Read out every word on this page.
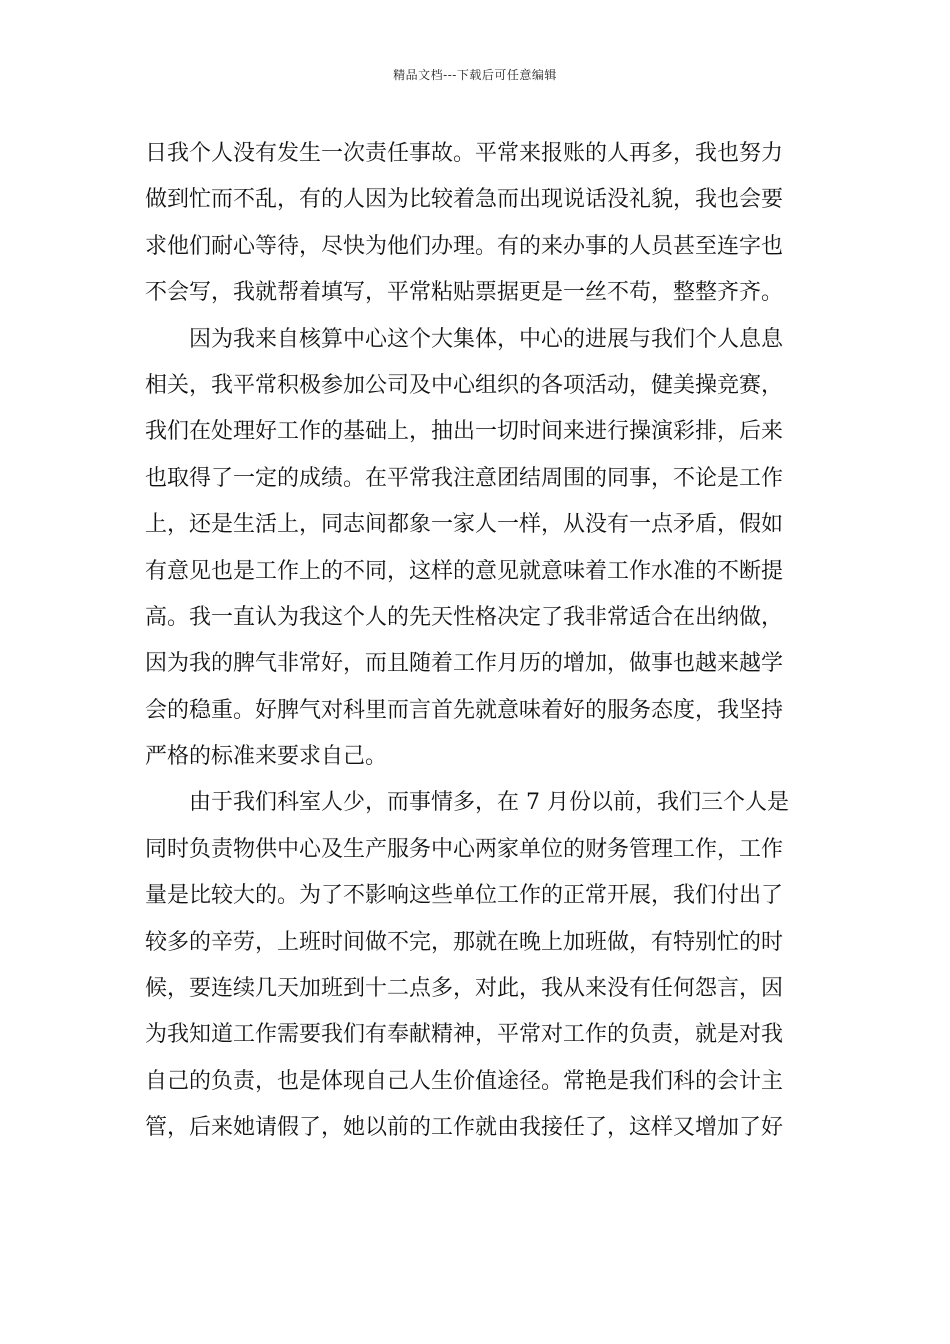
精品文档---下载后可任意编辑
日我个人没有发生一次责任事故。平常来报账的人再多，我也努力
做到忙而不乱，有的人因为比较着急而出现说话没礼貌，我也会要
求他们耐心等待，尽快为他们办理。有的来办事的人员甚至连字也
不会写，我就帮着填写，平常粘贴票据更是一丝不苟，整整齐齐。
因为我来自核算中心这个大集体，中心的进展与我们个人息息
相关，我平常积极参加公司及中心组织的各项活动，健美操竞赛，
我们在处理好工作的基础上，抽出一切时间来进行操演彩排，后来
也取得了一定的成绩。在平常我注意团结周围的同事，不论是工作
上，还是生活上，同志间都象一家人一样，从没有一点矛盾，假如
有意见也是工作上的不同，这样的意见就意味着工作水准的不断提
高。我一直认为我这个人的先天性格决定了我非常适合在出纳做，
因为我的脾气非常好，而且随着工作月历的增加，做事也越来越学
会的稳重。好脾气对科里而言首先就意味着好的服务态度，我坚持
严格的标准来要求自己。
由于我们科室人少，而事情多，在 7 月份以前，我们三个人是
同时负责物供中心及生产服务中心两家单位的财务管理工作，工作
量是比较大的。为了不影响这些单位工作的正常开展，我们付出了
较多的辛劳，上班时间做不完，那就在晚上加班做，有特别忙的时
候，要连续几天加班到十二点多，对此，我从来没有任何怨言，因
为我知道工作需要我们有奉献精神，平常对工作的负责，就是对我
自己的负责，也是体现自己人生价值途径。常艳是我们科的会计主
管，后来她请假了，她以前的工作就由我接任了，这样又增加了好
